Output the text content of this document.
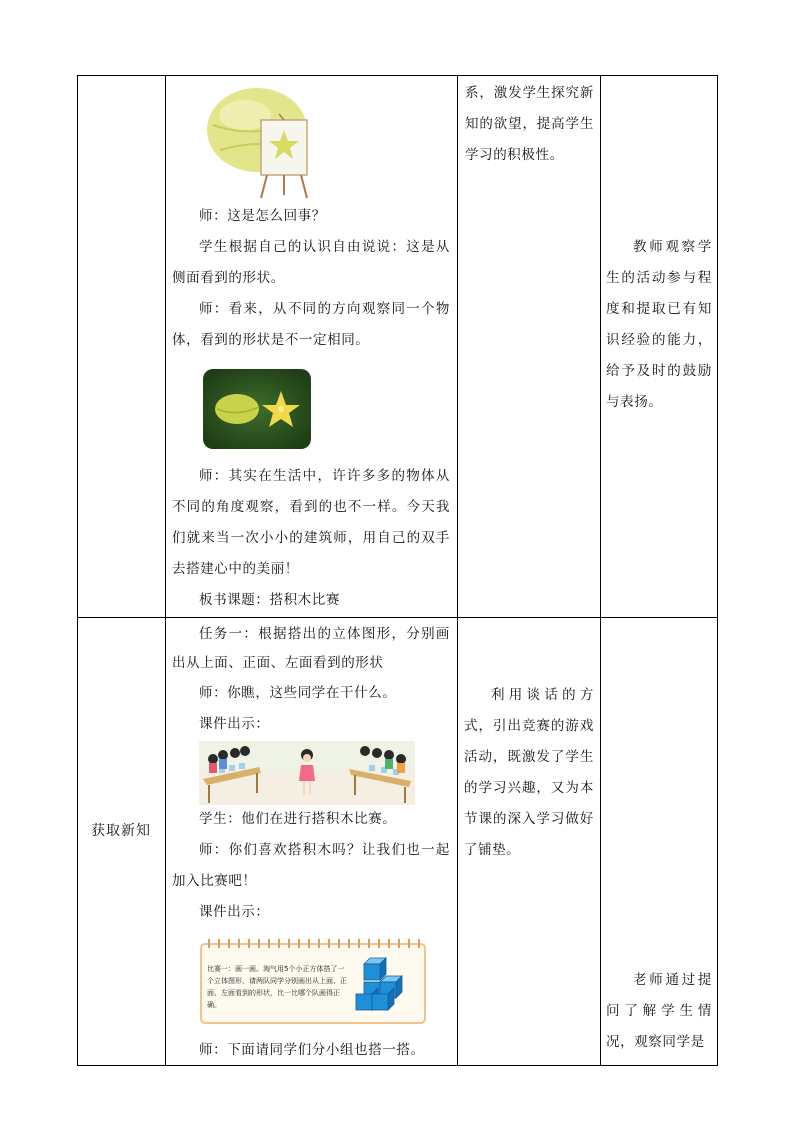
师：这是怎么回事？

学生根据自己的认识自由说说：这是从侧面看到的形状。

师：看来，从不同的方向观察同一个物体，看到的形状是不一定相同。

师：其实在生活中，许许多多的物体从不同的角度观察，看到的也不一样。今天我们就来当一次小小的建筑师，用自己的双手去搭建心中的美丽！

板书课题：搭积木比赛

系，激发学生探究新知的欲望，提高学生学习的积极性。

教师观察学生的活动参与程度和提取已有知识经验的能力，给予及时的鼓励与表扬。

获取新知

任务一：根据搭出的立体图形，分别画出从上面、正面、左面看到的形状

师：你瞧，这些同学在干什么。

课件出示：

学生：他们在进行搭积木比赛。

师：你们喜欢搭积木吗？让我们也一起加入比赛吧！

课件出示：

比赛一：画一画。淘气用5个小正方体搭了一个立体图形，请两队同学分别画出从上面、正面、左面看到的形状，比一比哪个队画得正确。

师：下面请同学们分小组也搭一搭。

利用谈话的方式，引出竞赛的游戏活动，既激发了学生的学习兴趣，又为本节课的深入学习做好了铺垫。

老师通过提问了解学生情况，观察同学是
